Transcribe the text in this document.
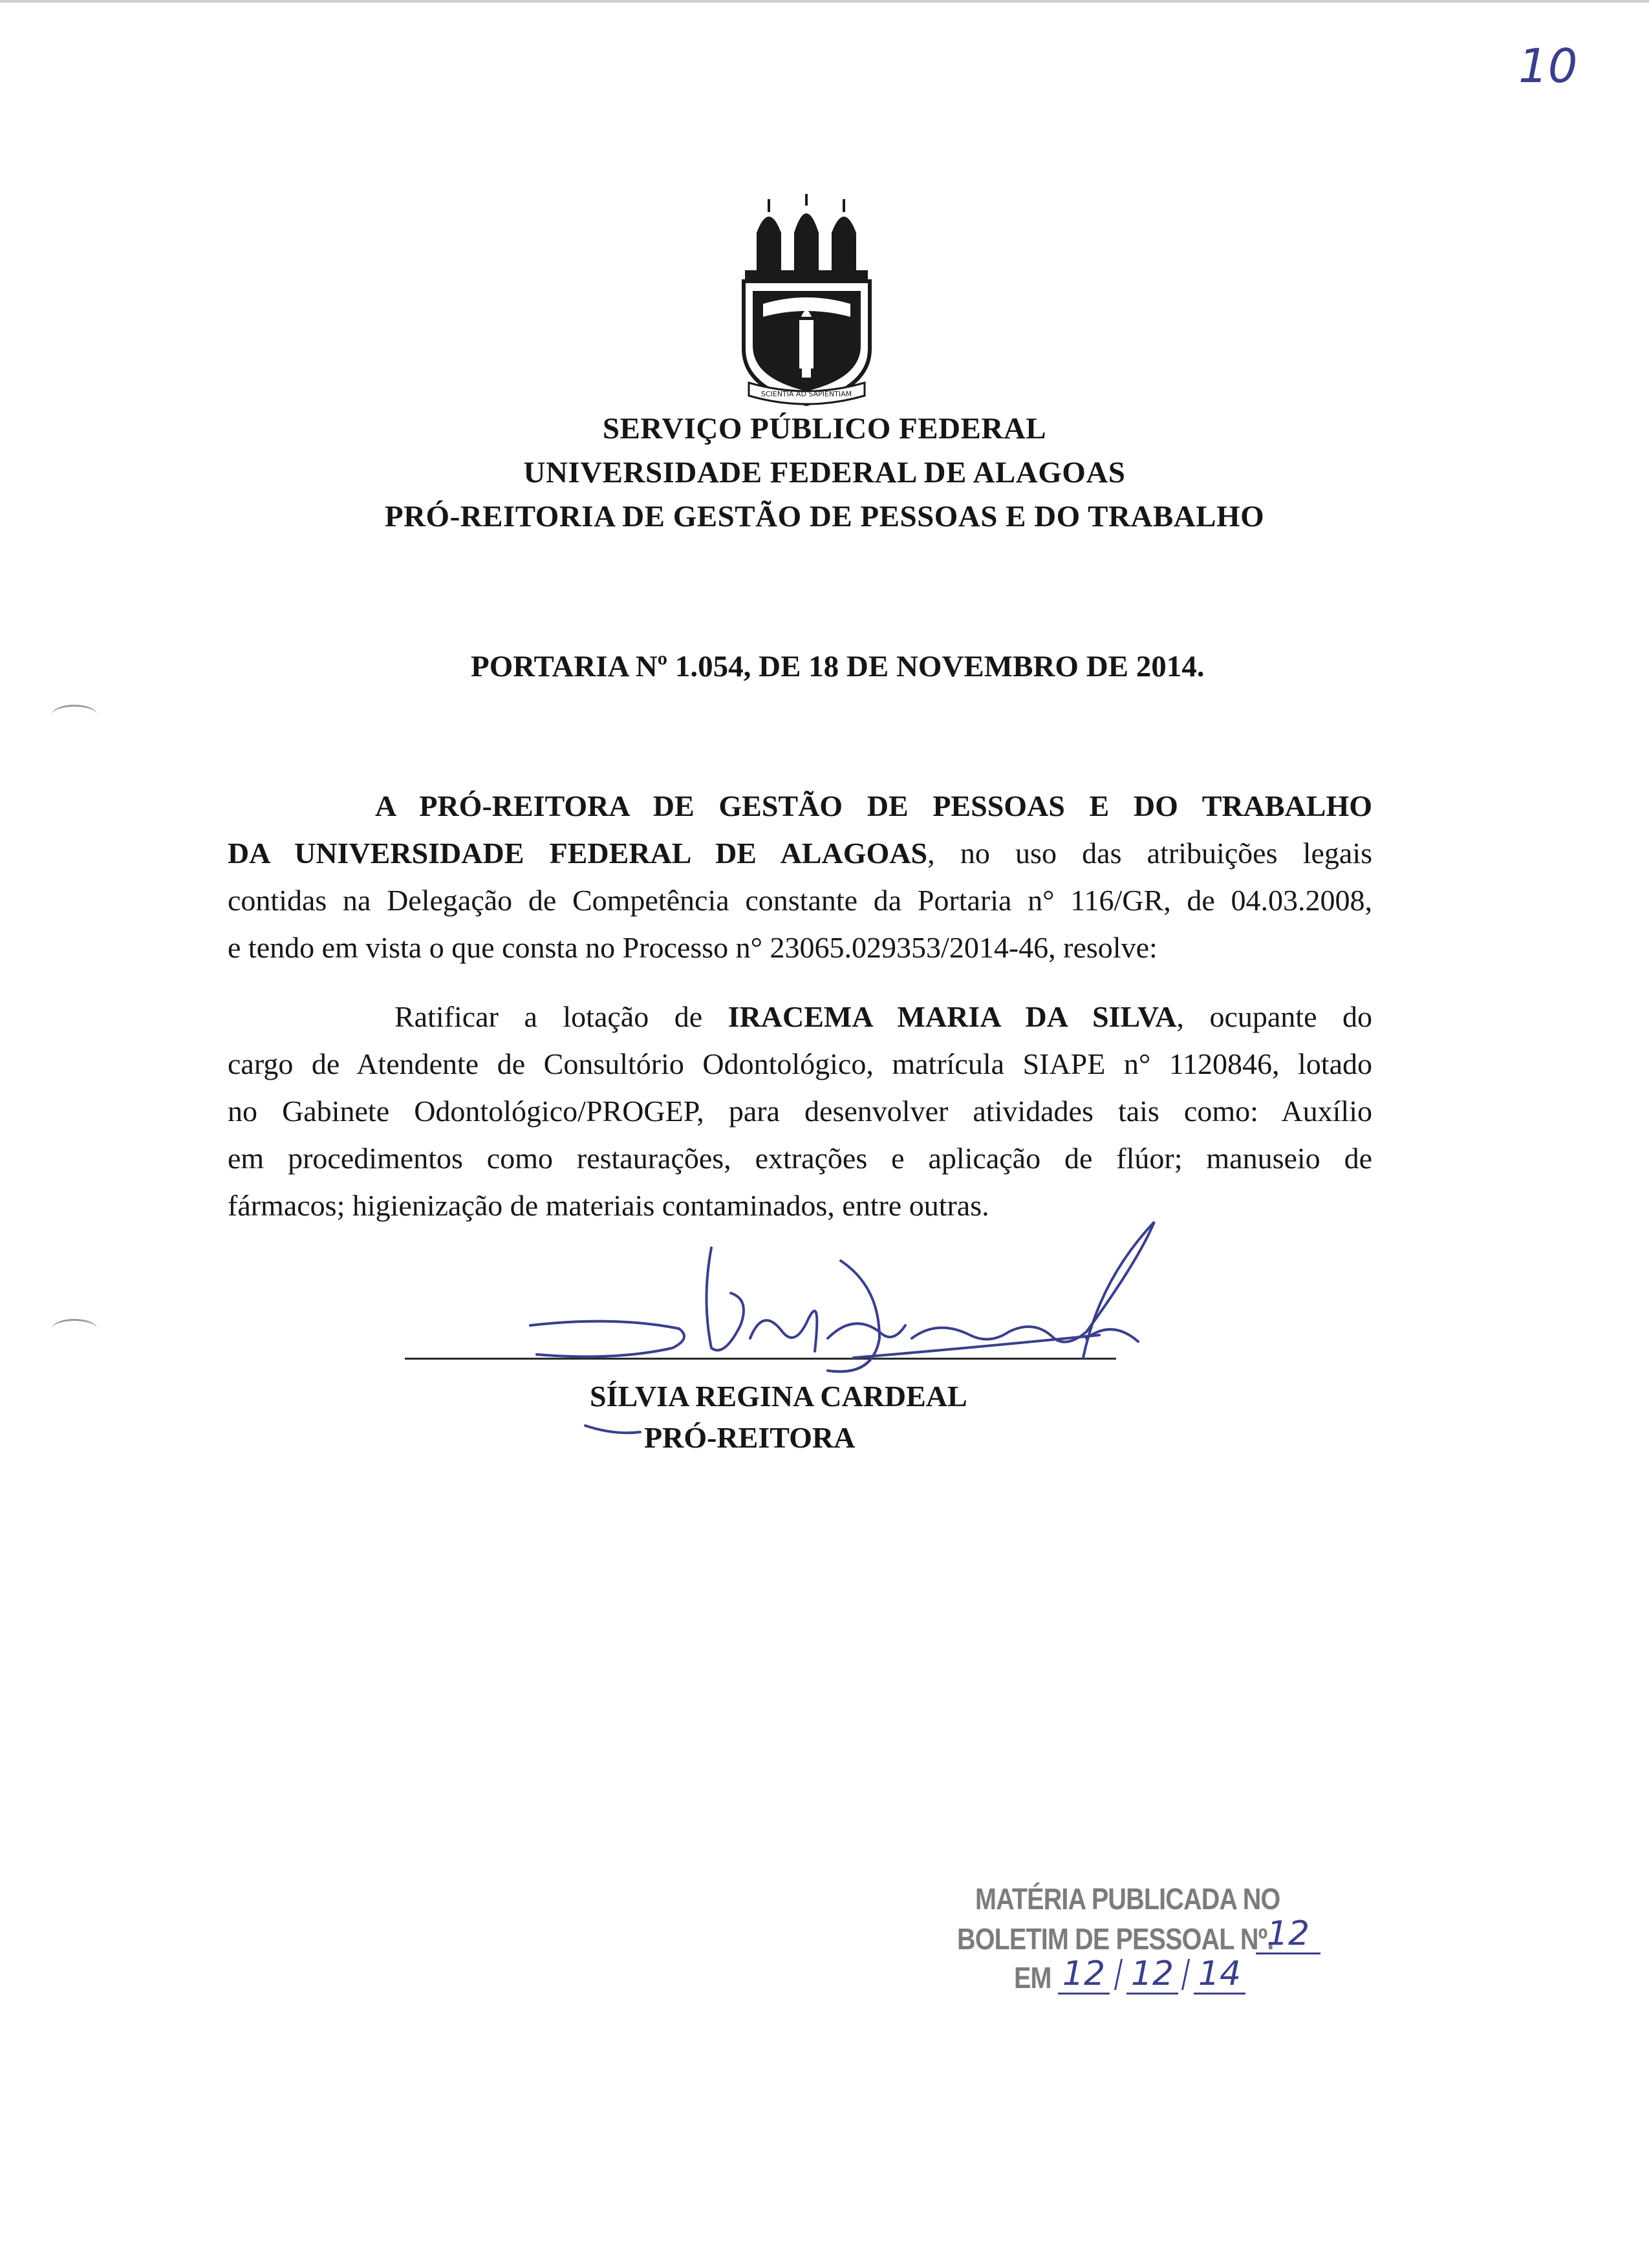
10
SCIENTIA AD SAPIENTIAM
SERVIÇO PÚBLICO FEDERAL
UNIVERSIDADE FEDERAL DE ALAGOAS
PRÓ-REITORIA DE GESTÃO DE PESSOAS E DO TRABALHO
PORTARIA Nº 1.054, DE 18 DE NOVEMBRO DE 2014.
A PRÓ-REITORA DE GESTÃO DE PESSOAS E DO TRABALHO
DA UNIVERSIDADE FEDERAL DE ALAGOAS, no uso das atribuições legais
contidas na Delegação de Competência constante da Portaria n° 116/GR, de 04.03.2008,
e tendo em vista o que consta no Processo n° 23065.029353/2014-46, resolve:
Ratificar a lotação de IRACEMA MARIA DA SILVA, ocupante do
cargo de Atendente de Consultório Odontológico, matrícula SIAPE n° 1120846, lotado
no Gabinete Odontológico/PROGEP, para desenvolver atividades tais como: Auxílio
em procedimentos como restaurações, extrações e aplicação de flúor; manuseio de
fármacos; higienização de materiais contaminados, entre outras.
SÍLVIA REGINA CARDEAL
PRÓ-REITORA
MATÉRIA PUBLICADA NO
BOLETIM DE PESSOAL Nº.
12
EM 12 12 14
